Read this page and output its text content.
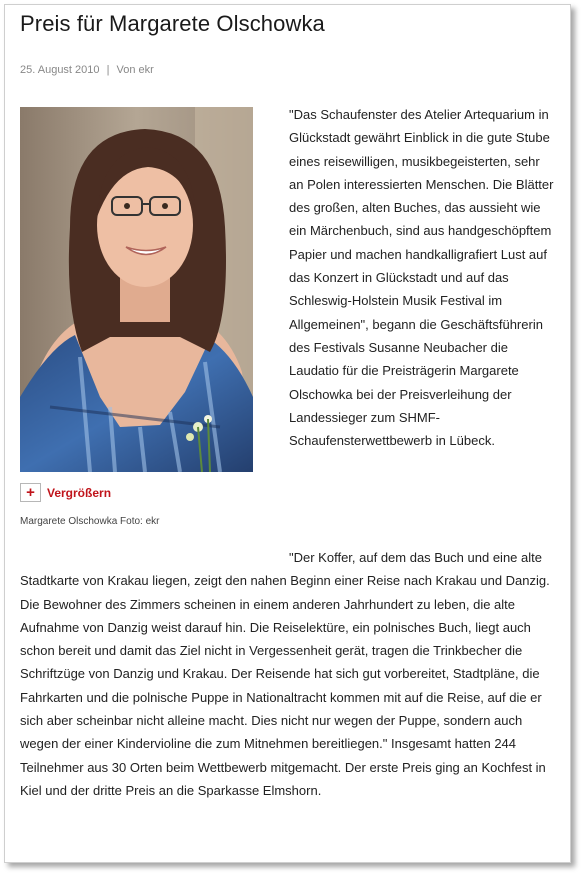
Preis für Margarete Olschowka
25. August 2010 | Von ekr
+	Vergrößern
Margarete Olschowka Foto: ekr

"Das Schaufenster des Atelier Artequarium in Glückstadt gewährt Einblick in die gute Stube eines reisewilligen, musikbegeisterten, sehr an Polen interessierten Menschen. Die Blätter des großen, alten Buches, das aussieht wie ein Märchenbuch, sind aus handgeschöpftem Papier und machen handkalligrafiert Lust auf das Konzert in Glückstadt und auf das Schleswig-Holstein Musik Festival im Allgemeinen", begann die Geschäftsführerin des Festivals Susanne Neubacher die Laudatio für die Preisträgerin Margarete Olschowka bei der Preisverleihung der Landessieger zum SHMF-Schaufensterwettbewerb in Lübeck.

"Der Koffer, auf dem das Buch und eine alte Stadtkarte von Krakau liegen, zeigt den nahen Beginn einer Reise nach Krakau und Danzig. Die Bewohner des Zimmers scheinen in einem anderen Jahrhundert zu leben, die alte Aufnahme von Danzig weist darauf hin. Die Reiselektüre, ein polnisches Buch, liegt auch schon bereit und damit das Ziel nicht in Vergessenheit gerät, tragen die Trinkbecher die Schriftzüge von Danzig und Krakau. Der Reisende hat sich gut vorbereitet, Stadtpläne, die Fahrkarten und die polnische Puppe in Nationaltracht kommen mit auf die Reise, auf die er sich aber scheinbar nicht alleine macht. Dies nicht nur wegen der Puppe, sondern auch wegen der einer Kindervioline die zum Mitnehmen bereitliegen." Insgesamt hatten 244 Teilnehmer aus 30 Orten beim Wettbewerb mitgemacht. Der erste Preis ging an Kochfest in Kiel und der dritte Preis an die Sparkasse Elmshorn.
